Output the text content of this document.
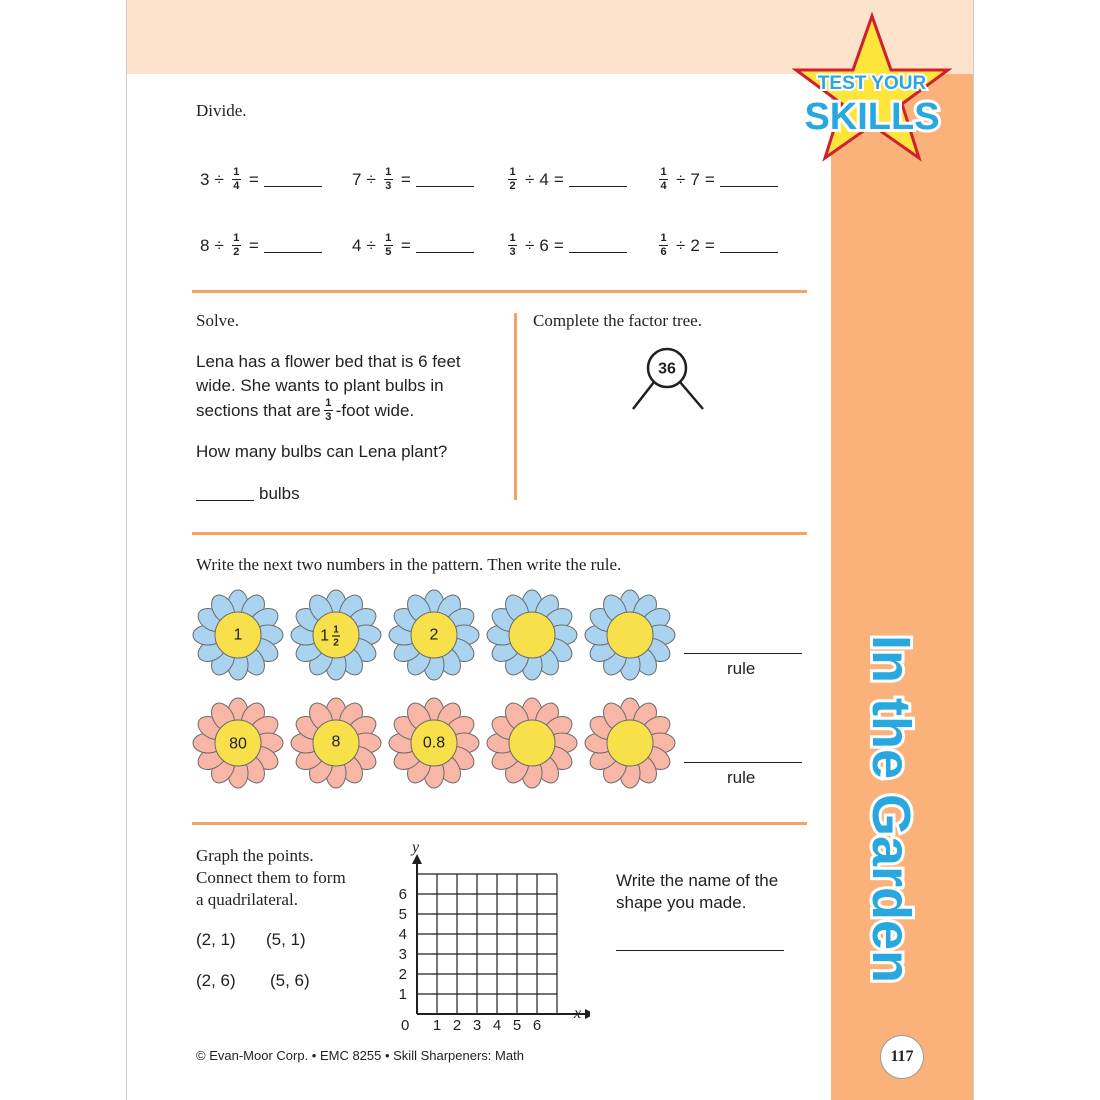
TEST YOUR
SKILLS
In the Garden
117
Divide.
$3 \div \frac{1}{4}$ =	$7 \div \frac{1}{3}$ =	$\frac{1}{2} \div 4$ =	$\frac{1}{4} \div 7$ =
$8 \div \frac{1}{2}$ =	$4 \div \frac{1}{5}$ =	$\frac{1}{3} \div 6$ =	$\frac{1}{6} \div 2$ =
Solve.
Lena has a flower bed that is 6 feet
wide. She wants to plant bulbs in
sections that are $\frac{1}{3}$ -foot wide.
How many bulbs can Lena plant?
bulbs
Complete the factor tree.
36
Write the next two numbers in the pattern. Then write the rule.
1	1 1
2	2
80	8	0.8
rule
rule
Graph the points.
Connect them to form
a quadrilateral.
(2, 1) (5, 1)
(2, 6) (5, 6)
y
x
0 1
1
2
2
3
3
4
4
5
5
6
6
Write the name of the
shape you made.
© Evan-Moor Corp. • EMC 8255 • Skill Sharpeners: Math
